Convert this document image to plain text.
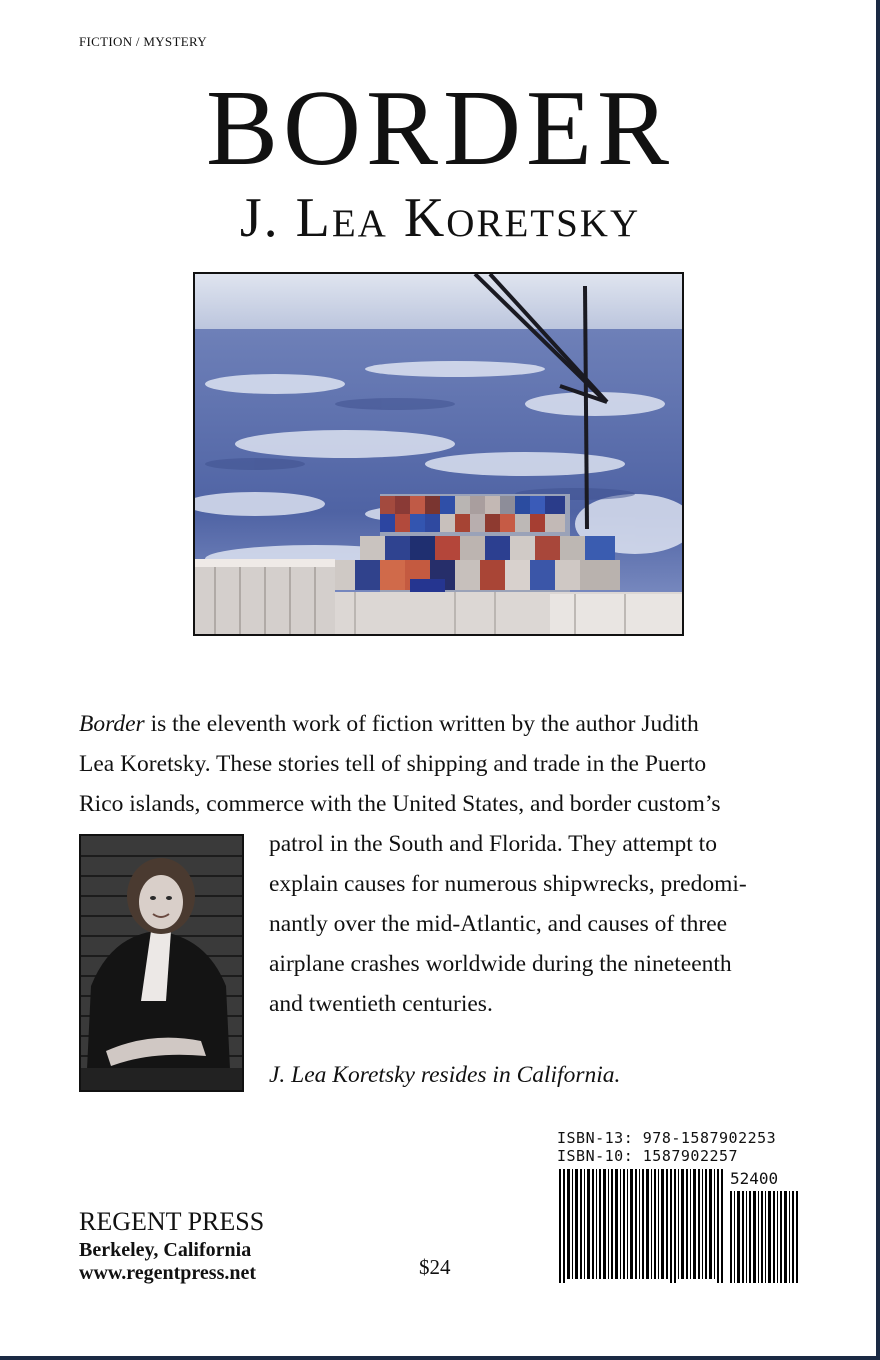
FICTION / MYSTERY
BORDER
J. Lea Koretsky
Border is the eleventh work of fiction written by the author Judith
Lea Koretsky. These stories tell of shipping and trade in the Puerto
Rico islands, commerce with the United States, and border custom’s
patrol in the South and Florida. They attempt to
explain causes for numerous shipwrecks, predomi-
nantly over the mid-Atlantic, and causes of three
airplane crashes worldwide during the nineteenth
and twentieth centuries.
J. Lea Koretsky resides in California.
ISBN-13: 978-1587902253
ISBN-10: 1587902257
52400
REGENT PRESS
Berkeley, California
www.regentpress.net	$24
